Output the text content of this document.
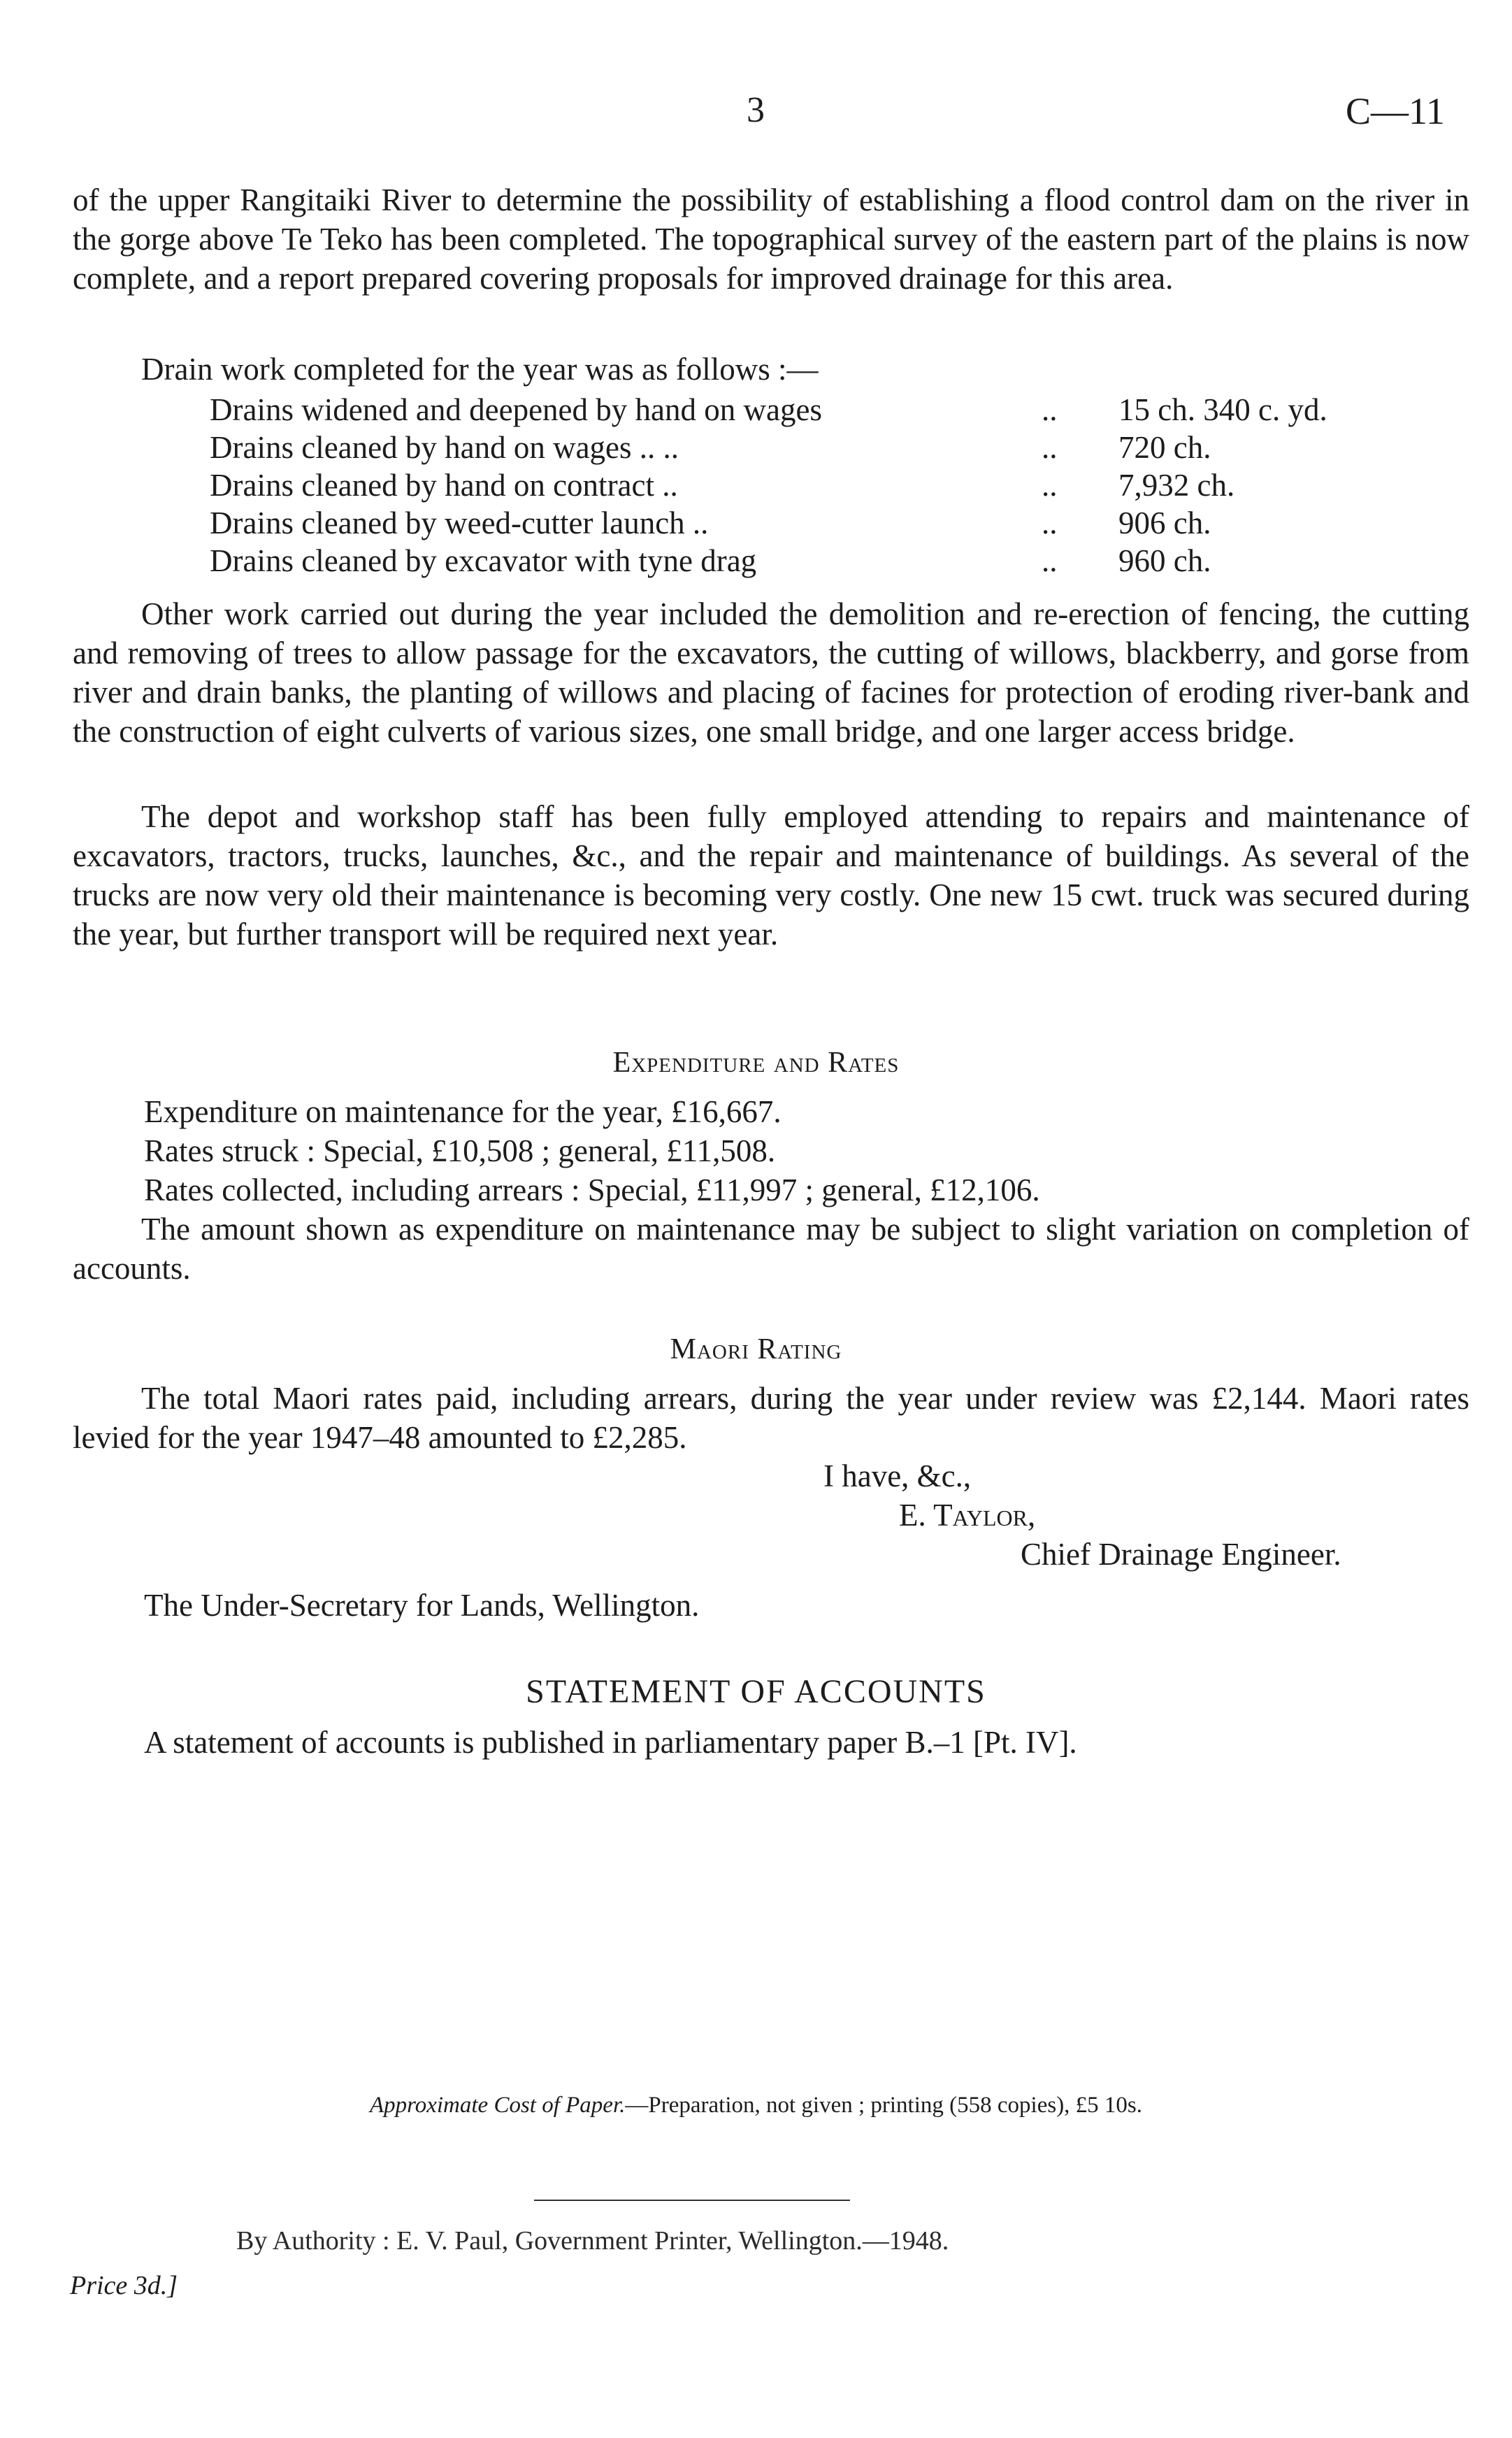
3	C—11
of the upper Rangitaiki River to determine the possibility of establishing a flood control dam on the river in the gorge above Te Teko has been completed. The topographical survey of the eastern part of the plains is now complete, and a report prepared covering proposals for improved drainage for this area.
Drain work completed for the year was as follows :—
Drains widened and deepened by hand on wages	.. 15 ch. 340 c. yd.
Drains cleaned by hand on wages .. ..	.. 720 ch.
Drains cleaned by hand on contract ..	.. 7,932 ch.
Drains cleaned by weed-cutter launch ..	.. 906 ch.
Drains cleaned by excavator with tyne drag	.. 960 ch.
Other work carried out during the year included the demolition and re-erection of fencing, the cutting and removing of trees to allow passage for the excavators, the cutting of willows, blackberry, and gorse from river and drain banks, the planting of willows and placing of facines for protection of eroding river-bank and the construction of eight culverts of various sizes, one small bridge, and one larger access bridge.
The depot and workshop staff has been fully employed attending to repairs and maintenance of excavators, tractors, trucks, launches, &c., and the repair and maintenance of buildings. As several of the trucks are now very old their maintenance is becoming very costly. One new 15 cwt. truck was secured during the year, but further transport will be required next year.
Expenditure and Rates
Expenditure on maintenance for the year, £16,667.
Rates struck : Special, £10,508 ; general, £11,508.
Rates collected, including arrears : Special, £11,997 ; general, £12,106.
The amount shown as expenditure on maintenance may be subject to slight variation on completion of accounts.
Maori Rating
The total Maori rates paid, including arrears, during the year under review was £2,144. Maori rates levied for the year 1947–48 amounted to £2,285.
I have, &c.,
E. Taylor,
Chief Drainage Engineer.
The Under-Secretary for Lands, Wellington.
STATEMENT OF ACCOUNTS
A statement of accounts is published in parliamentary paper B.–1 [Pt. IV].
Approximate Cost of Paper.—Preparation, not given ; printing (558 copies), £5 10s.
By Authority : E. V. Paul, Government Printer, Wellington.—1948.
Price 3d.]
